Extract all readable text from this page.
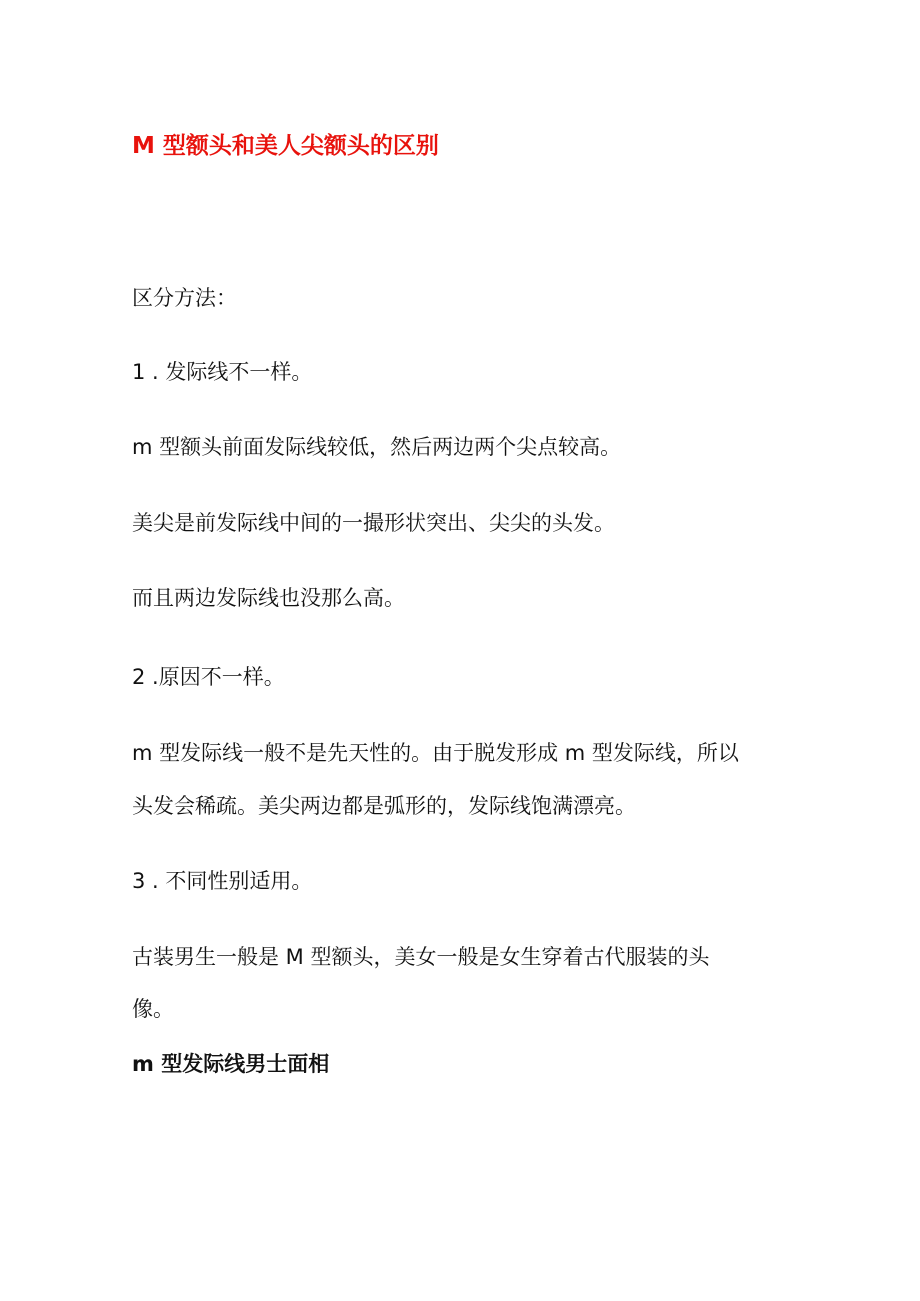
M 型额头和美人尖额头的区别
区分方法：
1 . 发际线不一样。
m 型额头前面发际线较低，然后两边两个尖点较高。
美尖是前发际线中间的一撮形状突出、尖尖的头发。
而且两边发际线也没那么高。
2 .原因不一样。
m 型发际线一般不是先天性的。由于脱发形成 m 型发际线，所以
头发会稀疏。美尖两边都是弧形的，发际线饱满漂亮。
3 . 不同性别适用。
古装男生一般是 M 型额头，美女一般是女生穿着古代服装的头
像。
m 型发际线男士面相
